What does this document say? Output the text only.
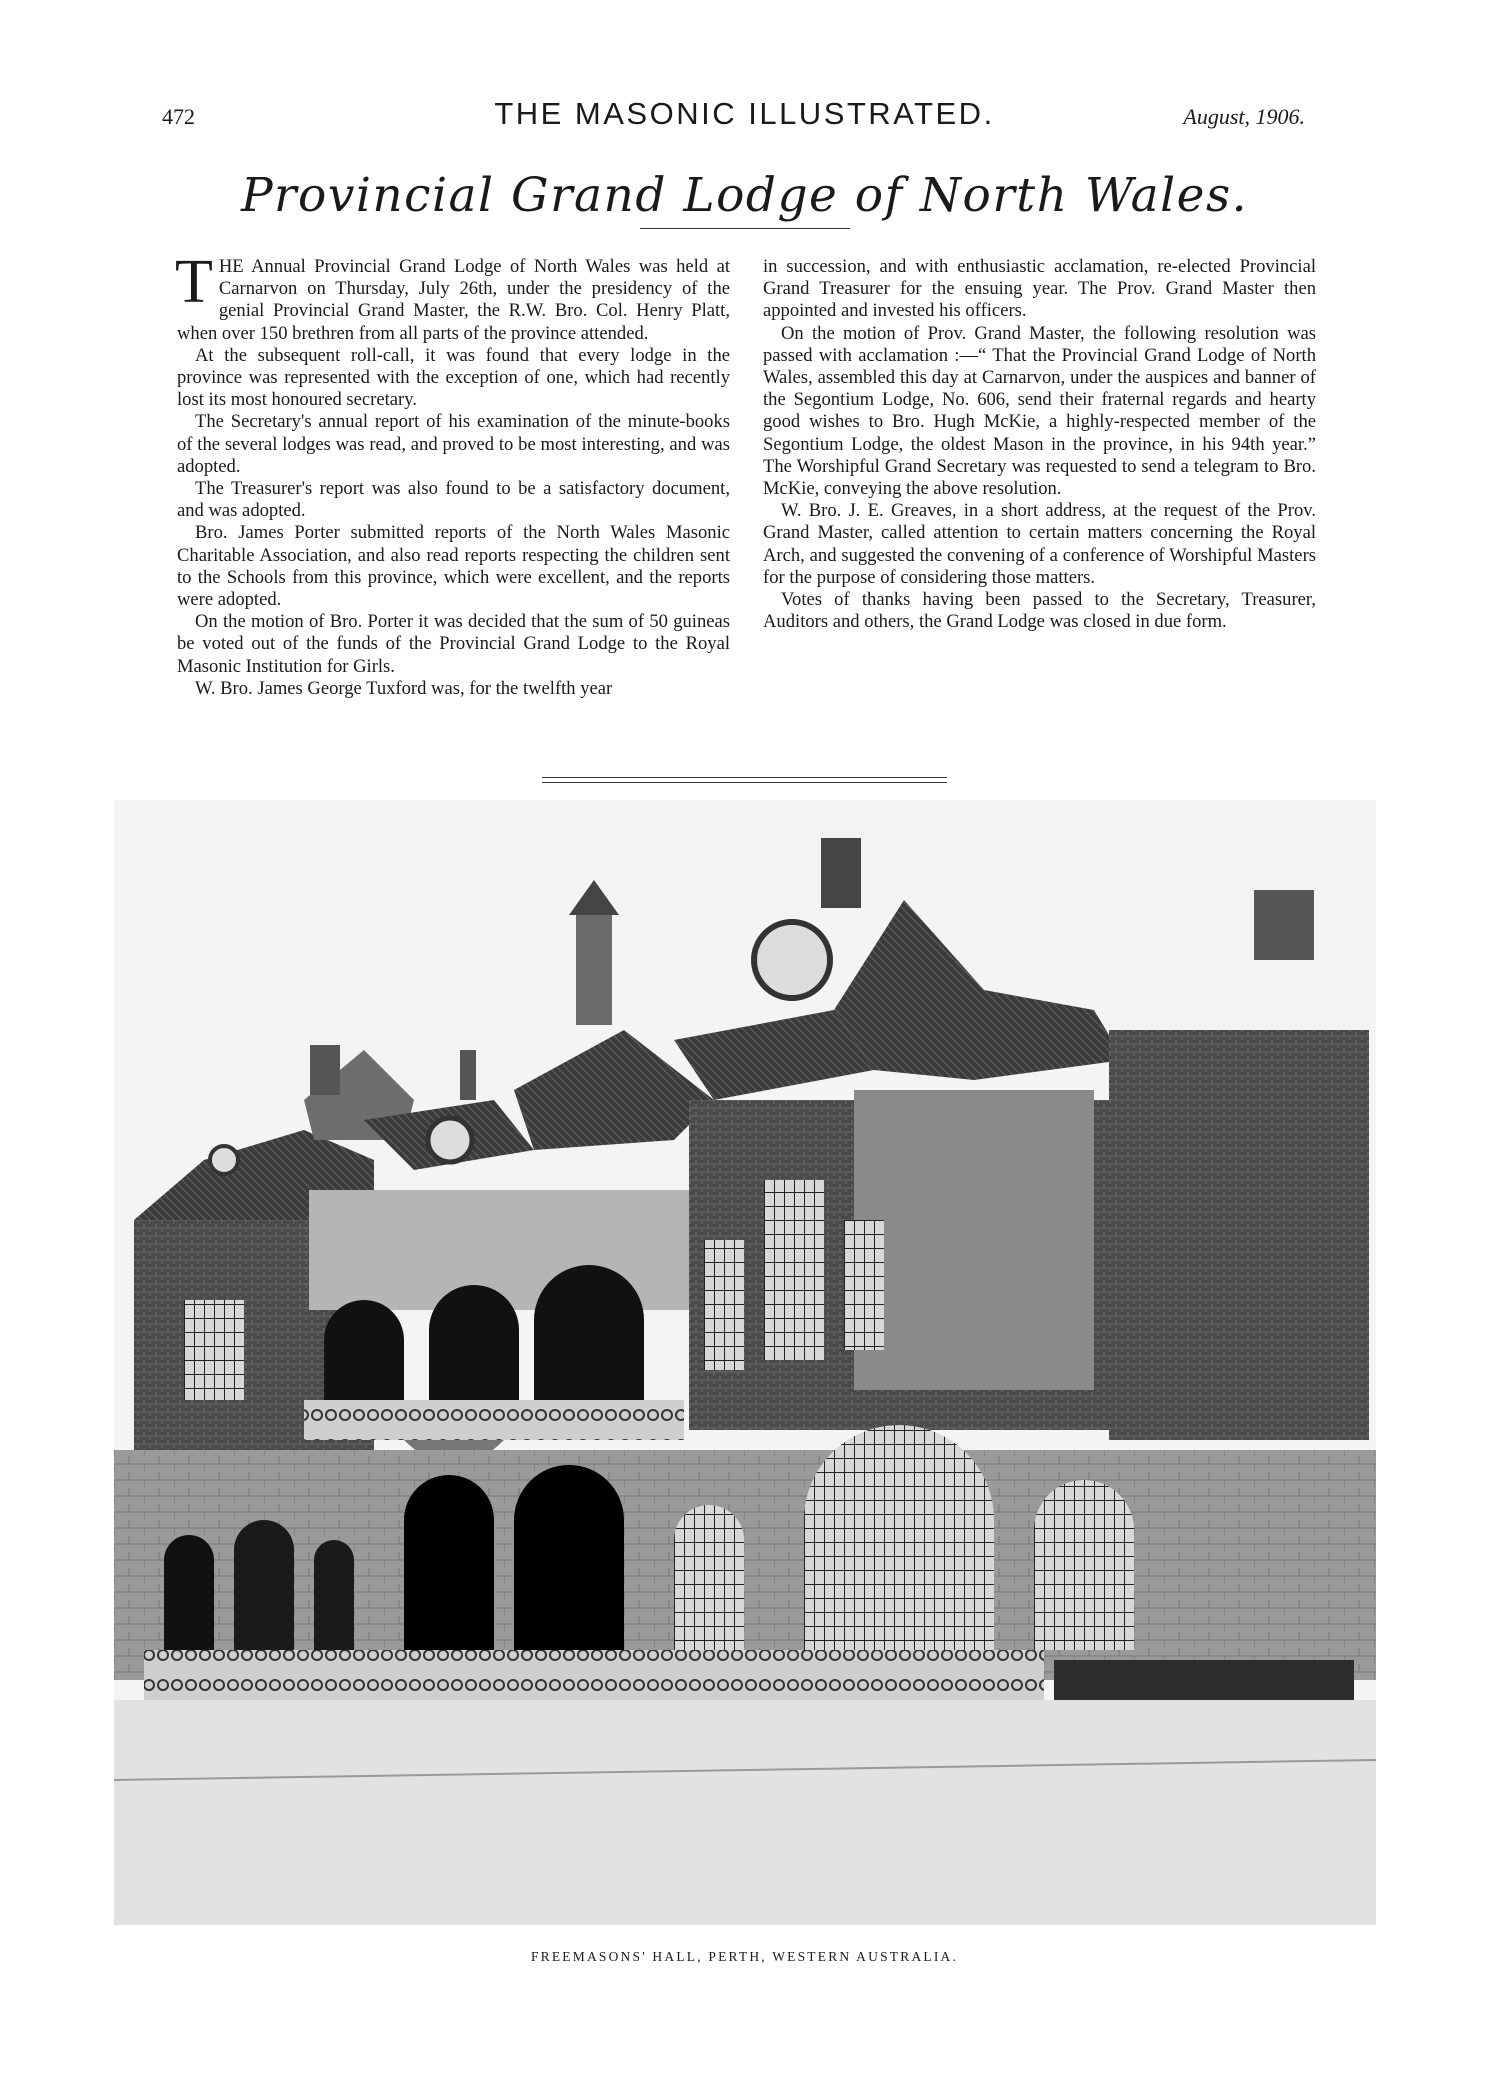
472	THE MASONIC ILLUSTRATED.	August, 1906.
Provincial Grand Lodge of North Wales.

THE Annual Provincial Grand Lodge of North Wales was held at Carnarvon on Thursday, July 26th, under the presidency of the genial Provincial Grand Master, the R.W. Bro. Col. Henry Platt, when over 150 brethren from all parts of the province attended.

At the subsequent roll-call, it was found that every lodge in the province was represented with the exception of one, which had recently lost its most honoured secretary.

The Secretary's annual report of his examination of the minute-books of the several lodges was read, and proved to be most interesting, and was adopted.

The Treasurer's report was also found to be a satisfactory document, and was adopted.

Bro. James Porter submitted reports of the North Wales Masonic Charitable Association, and also read reports respecting the children sent to the Schools from this province, which were excellent, and the reports were adopted.

On the motion of Bro. Porter it was decided that the sum of 50 guineas be voted out of the funds of the Provincial Grand Lodge to the Royal Masonic Institution for Girls.

W. Bro. James George Tuxford was, for the twelfth year

in succession, and with enthusiastic acclamation, re-elected Provincial Grand Treasurer for the ensuing year. The Prov. Grand Master then appointed and invested his officers.

On the motion of Prov. Grand Master, the following resolution was passed with acclamation :—“ That the Provincial Grand Lodge of North Wales, assembled this day at Carnarvon, under the auspices and banner of the Segontium Lodge, No. 606, send their fraternal regards and hearty good wishes to Bro. Hugh McKie, a highly-respected member of the Segontium Lodge, the oldest Mason in the province, in his 94th year.” The Worshipful Grand Secretary was requested to send a telegram to Bro. McKie, conveying the above resolution.

W. Bro. J. E. Greaves, in a short address, at the request of the Prov. Grand Master, called attention to certain matters concerning the Royal Arch, and suggested the convening of a conference of Worshipful Masters for the purpose of considering those matters.

Votes of thanks having been passed to the Secretary, Treasurer, Auditors and others, the Grand Lodge was closed in due form.

FREEMASONS' HALL, PERTH, WESTERN AUSTRALIA.
